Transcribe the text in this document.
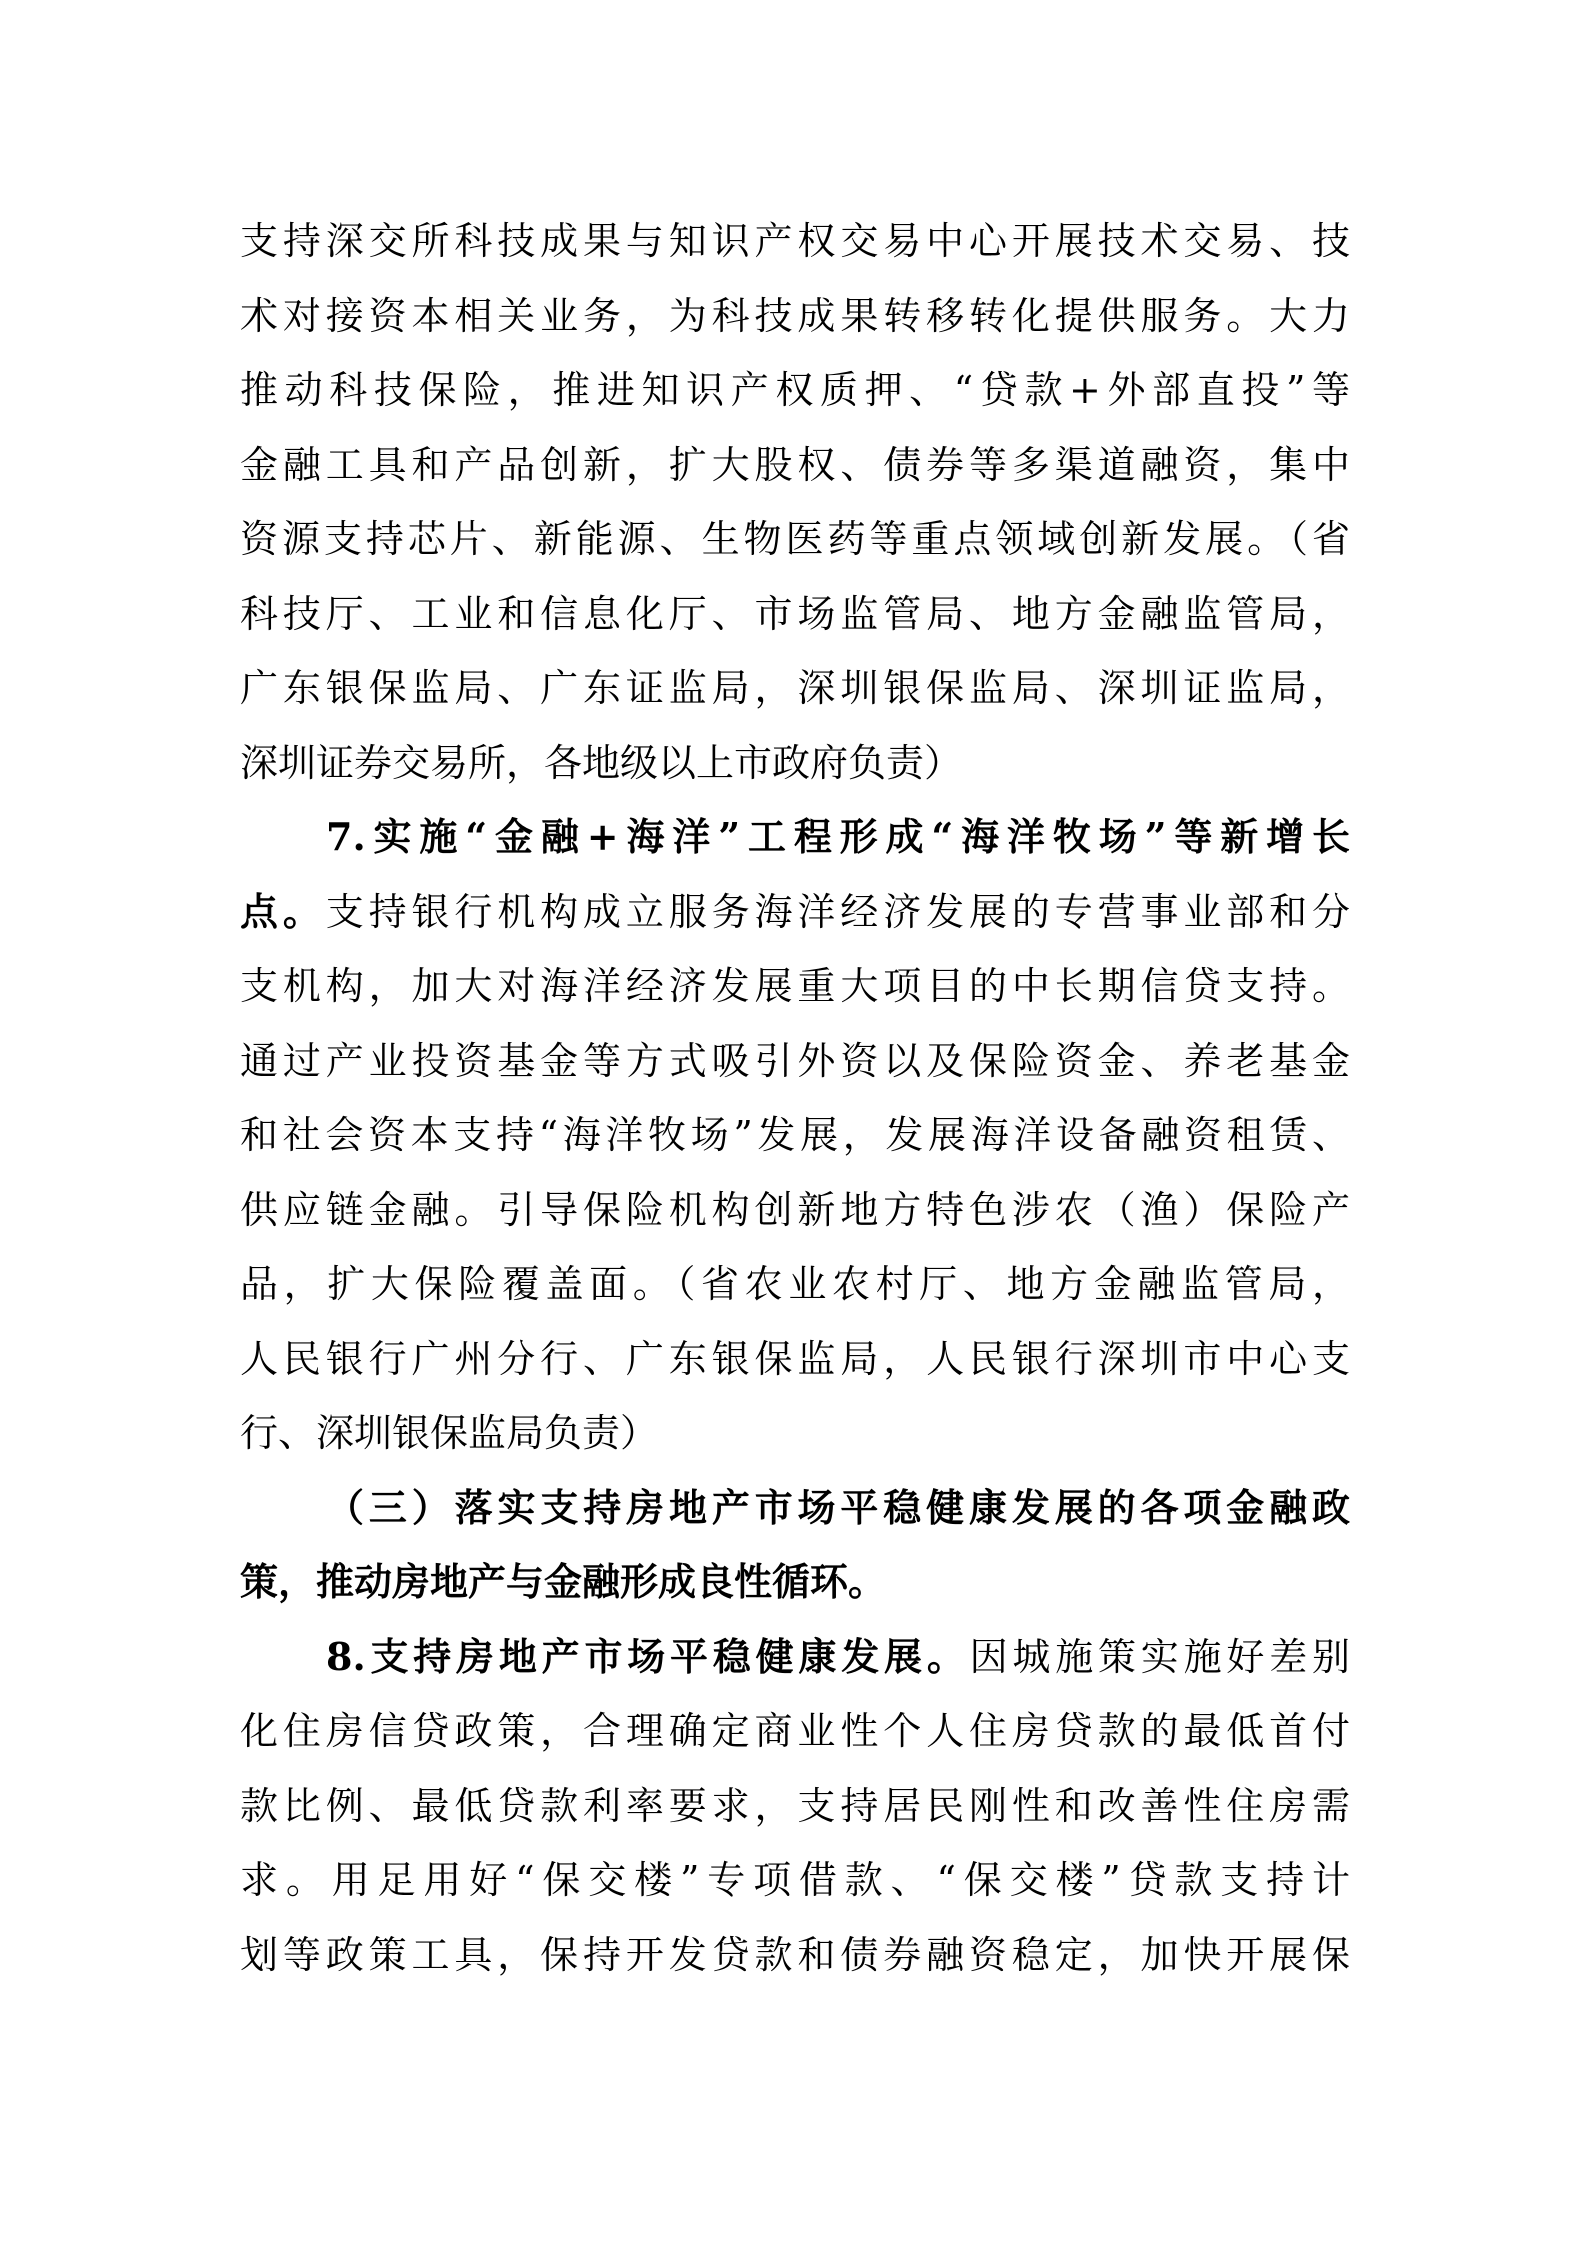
支持深交所科技成果与知识产权交易中心开展技术交易、技
术对接资本相关业务，为科技成果转移转化提供服务。大力
推动科技保险，推进知识产权质押、“贷款+外部直投”等
金融工具和产品创新，扩大股权、债券等多渠道融资，集中
资源支持芯片、新能源、生物医药等重点领域创新发展。（省
科技厅、工业和信息化厅、市场监管局、地方金融监管局，
广东银保监局、广东证监局，深圳银保监局、深圳证监局，
深圳证券交易所，各地级以上市政府负责）
7.实施“金融+海洋”工程形成“海洋牧场”等新增长
点。支持银行机构成立服务海洋经济发展的专营事业部和分
支机构，加大对海洋经济发展重大项目的中长期信贷支持。
通过产业投资基金等方式吸引外资以及保险资金、养老基金
和社会资本支持“海洋牧场”发展，发展海洋设备融资租赁、
供应链金融。引导保险机构创新地方特色涉农（渔）保险产
品，扩大保险覆盖面。（省农业农村厅、地方金融监管局，
人民银行广州分行、广东银保监局，人民银行深圳市中心支
行、深圳银保监局负责）
（三）落实支持房地产市场平稳健康发展的各项金融政
策，推动房地产与金融形成良性循环。
8.支持房地产市场平稳健康发展。因城施策实施好差别
化住房信贷政策，合理确定商业性个人住房贷款的最低首付
款比例、最低贷款利率要求，支持居民刚性和改善性住房需
求。用足用好“保交楼”专项借款、“保交楼”贷款支持计
划等政策工具，保持开发贷款和债券融资稳定，加快开展保
